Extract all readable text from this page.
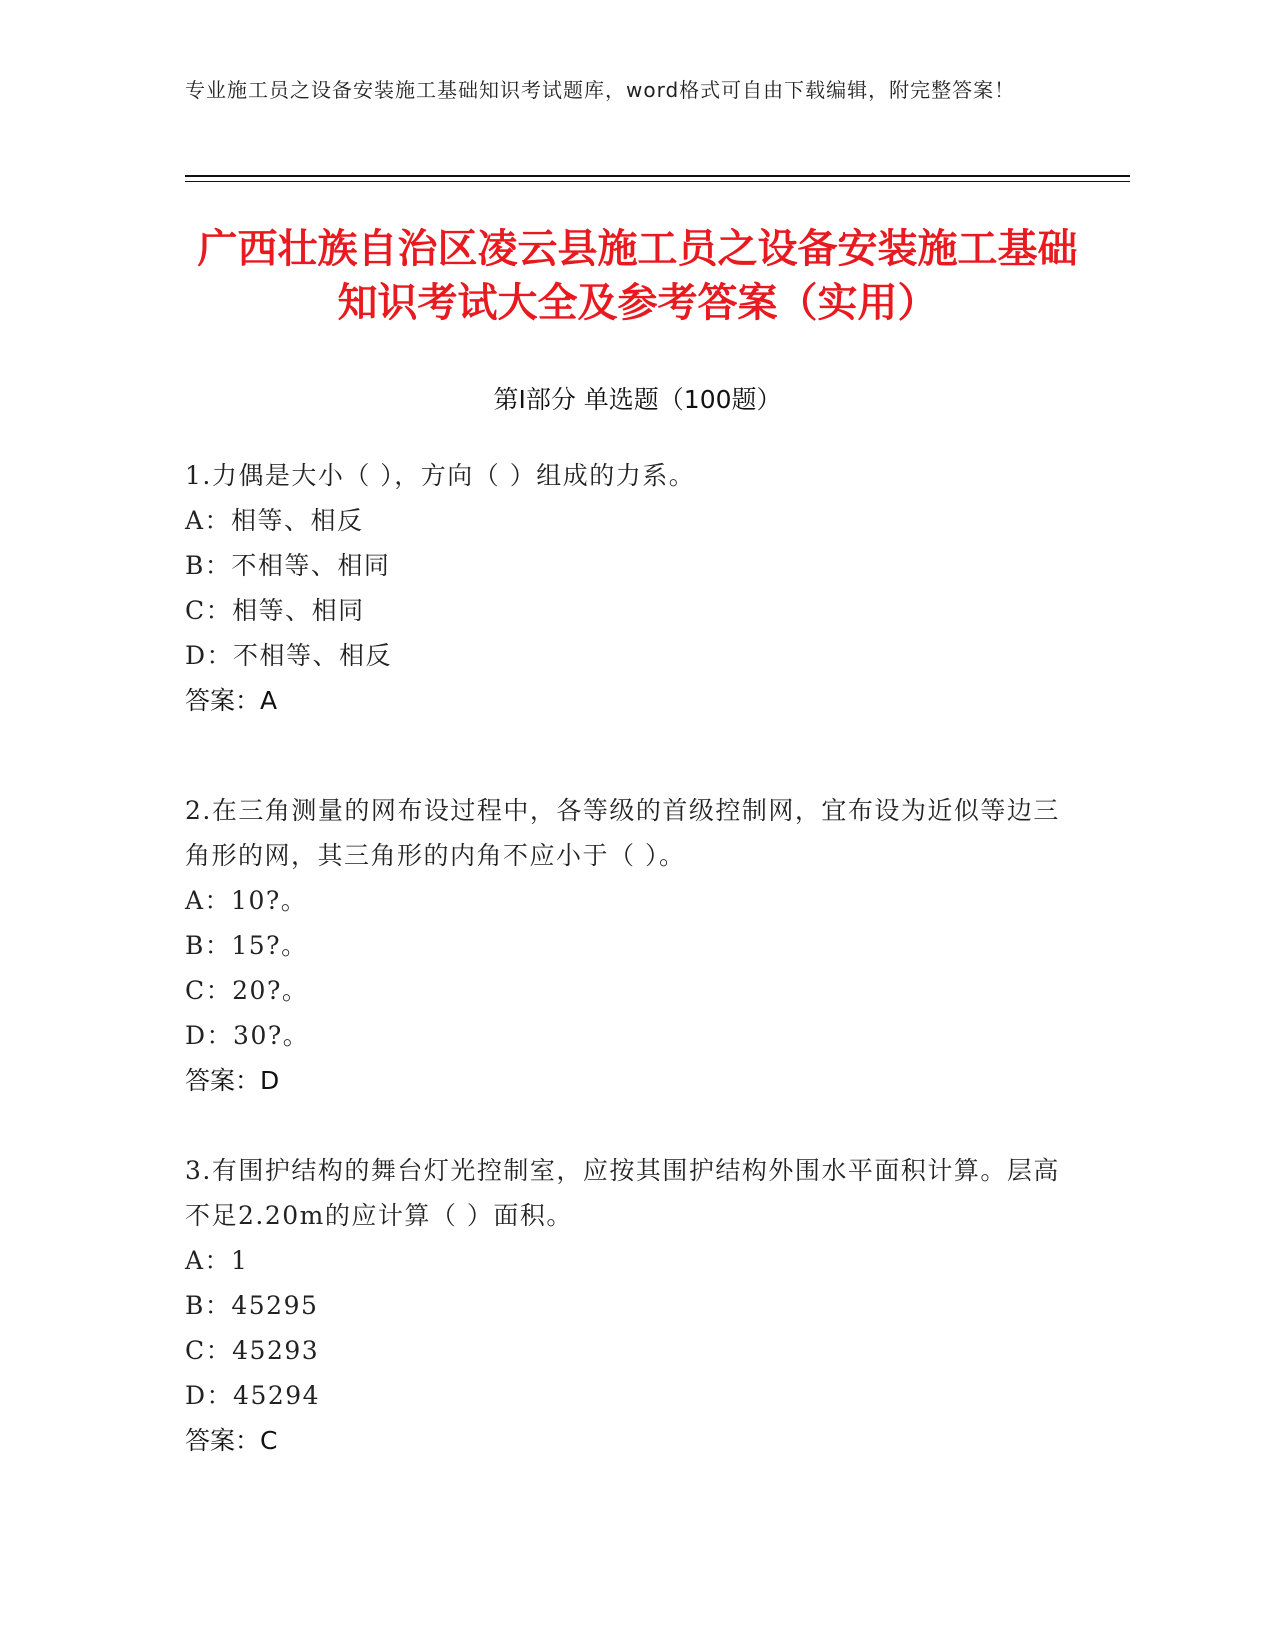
专业施工员之设备安装施工基础知识考试题库，word格式可自由下载编辑，附完整答案！
广西壮族自治区凌云县施工员之设备安装施工基础知识考试大全及参考答案（实用）
第Ⅰ部分 单选题（100题）

1.力偶是大小（ ），方向（ ）组成的力系。

A：相等、相反

B：不相等、相同

C：相等、相同

D：不相等、相反

答案：A

2.在三角测量的网布设过程中，各等级的首级控制网，宜布设为近似等边三角形的网，其三角形的内角不应小于（ ）。

A：10?。

B：15?。

C：20?。

D：30?。

答案：D

3.有围护结构的舞台灯光控制室，应按其围护结构外围水平面积计算。层高不足2.20m的应计算（ ）面积。

A：1

B：45295

C：45293

D：45294

答案：C
